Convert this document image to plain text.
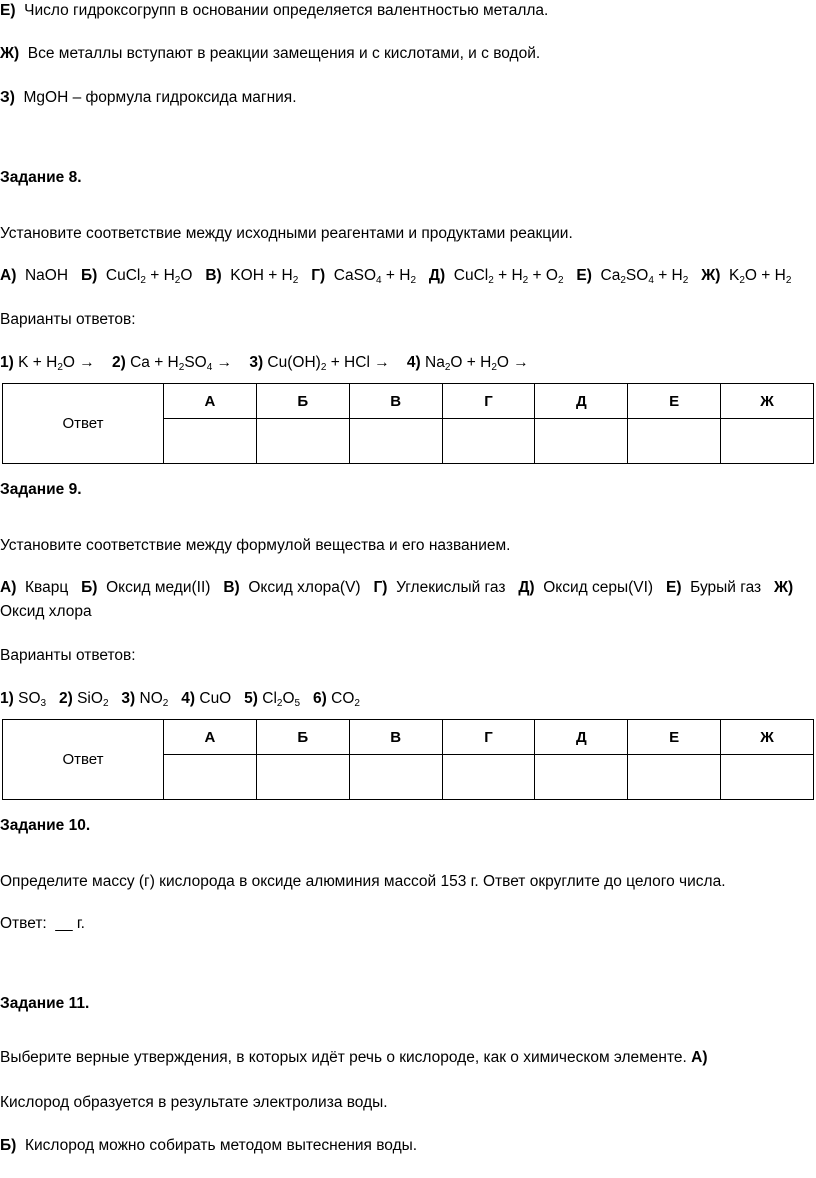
Е) Число гидроксогрупп в основании определяется валентностью металла.
Ж) Все металлы вступают в реакции замещения и с кислотами, и с водой.
З) MgOH – формула гидроксида магния.
Задание 8.
Установите соответствие между исходными реагентами и продуктами реакции.
А)  NaOH   Б)  CuCl$_2$ + $H_2O$   В)  KOH + $H_2$ Г)  CaSO$_4$ + $H_2$ Д)  CuCl$_2$ + $H_2 + O_2$ Е)  $Ca_2SO_4 + H_2$ Ж)  $K_2O + H_2$
Варианты ответов:
1) $K + H_2O$ →    2) $Ca + H_2SO_4$ →    3) $Cu(OH)_2$ + HCl →    4) $Na_2O + H_2O$ →
Ответ	А	Б	В	Г	Д	Е	Ж

Задание 9.
Установите соответствие между формулой вещества и его названием.
А) Кварц Б) Оксид меди(II) В) Оксид хлора(V) Г) Углекислый газ Д) Оксид серы(VI) Е) Бурый газ Ж)
Оксид хлора
Варианты ответов:
1) $SO_3$ 2) SiO$_2$ 3) $NO_2$ 4) CuO   5) $Cl_2O_5$ 6) $CO_2$
Ответ	А	Б	В	Г	Д	Е	Ж

Задание 10.
Определите массу (г) кислорода в оксиде алюминия массой 153 г. Ответ округлите до целого числа.
Ответ: __ г.
Задание 11.
Выберите верные утверждения, в которых идёт речь о кислороде, как о химическом элементе. А)
Кислород образуется в результате электролиза воды.
Б) Кислород можно собирать методом вытеснения воды.
